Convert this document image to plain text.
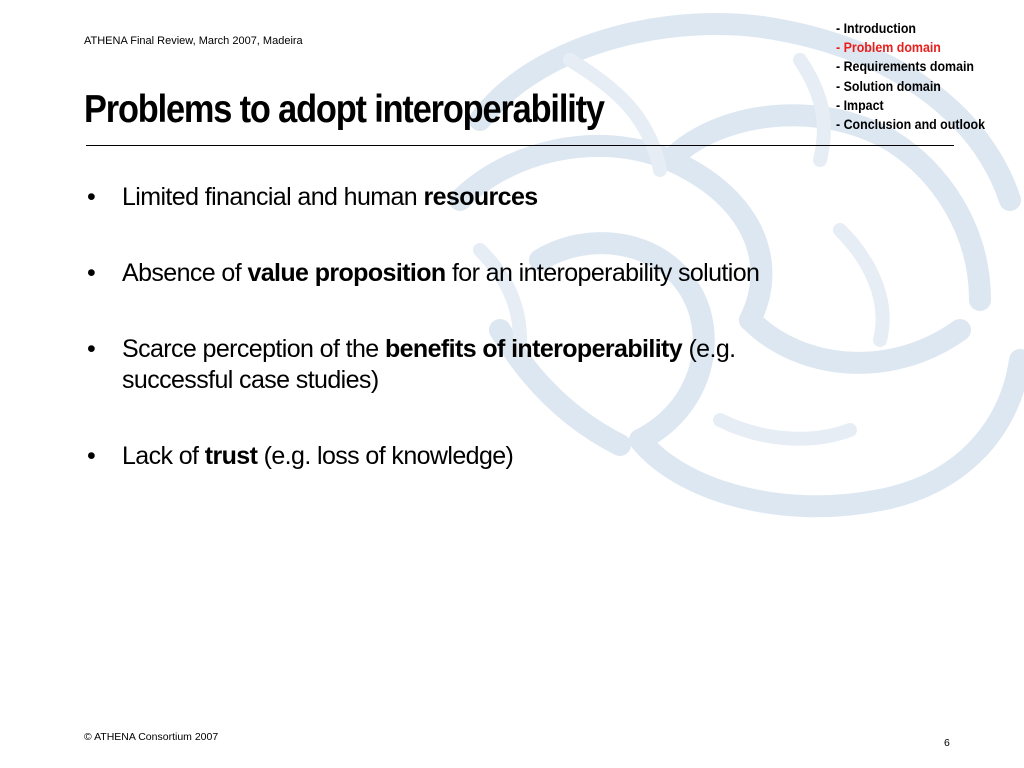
ATHENA Final Review, March 2007, Madeira
- Introduction
- Problem domain
- Requirements domain
- Solution domain
- Impact
- Conclusion and outlook
Problems to adopt interoperability
• Limited financial and human resources
• Absence of value proposition for an interoperability solution
• Scarce perception of the benefits of interoperability (e.g. successful case studies)
• Lack of trust (e.g. loss of knowledge)
© ATHENA Consortium 2007	6
